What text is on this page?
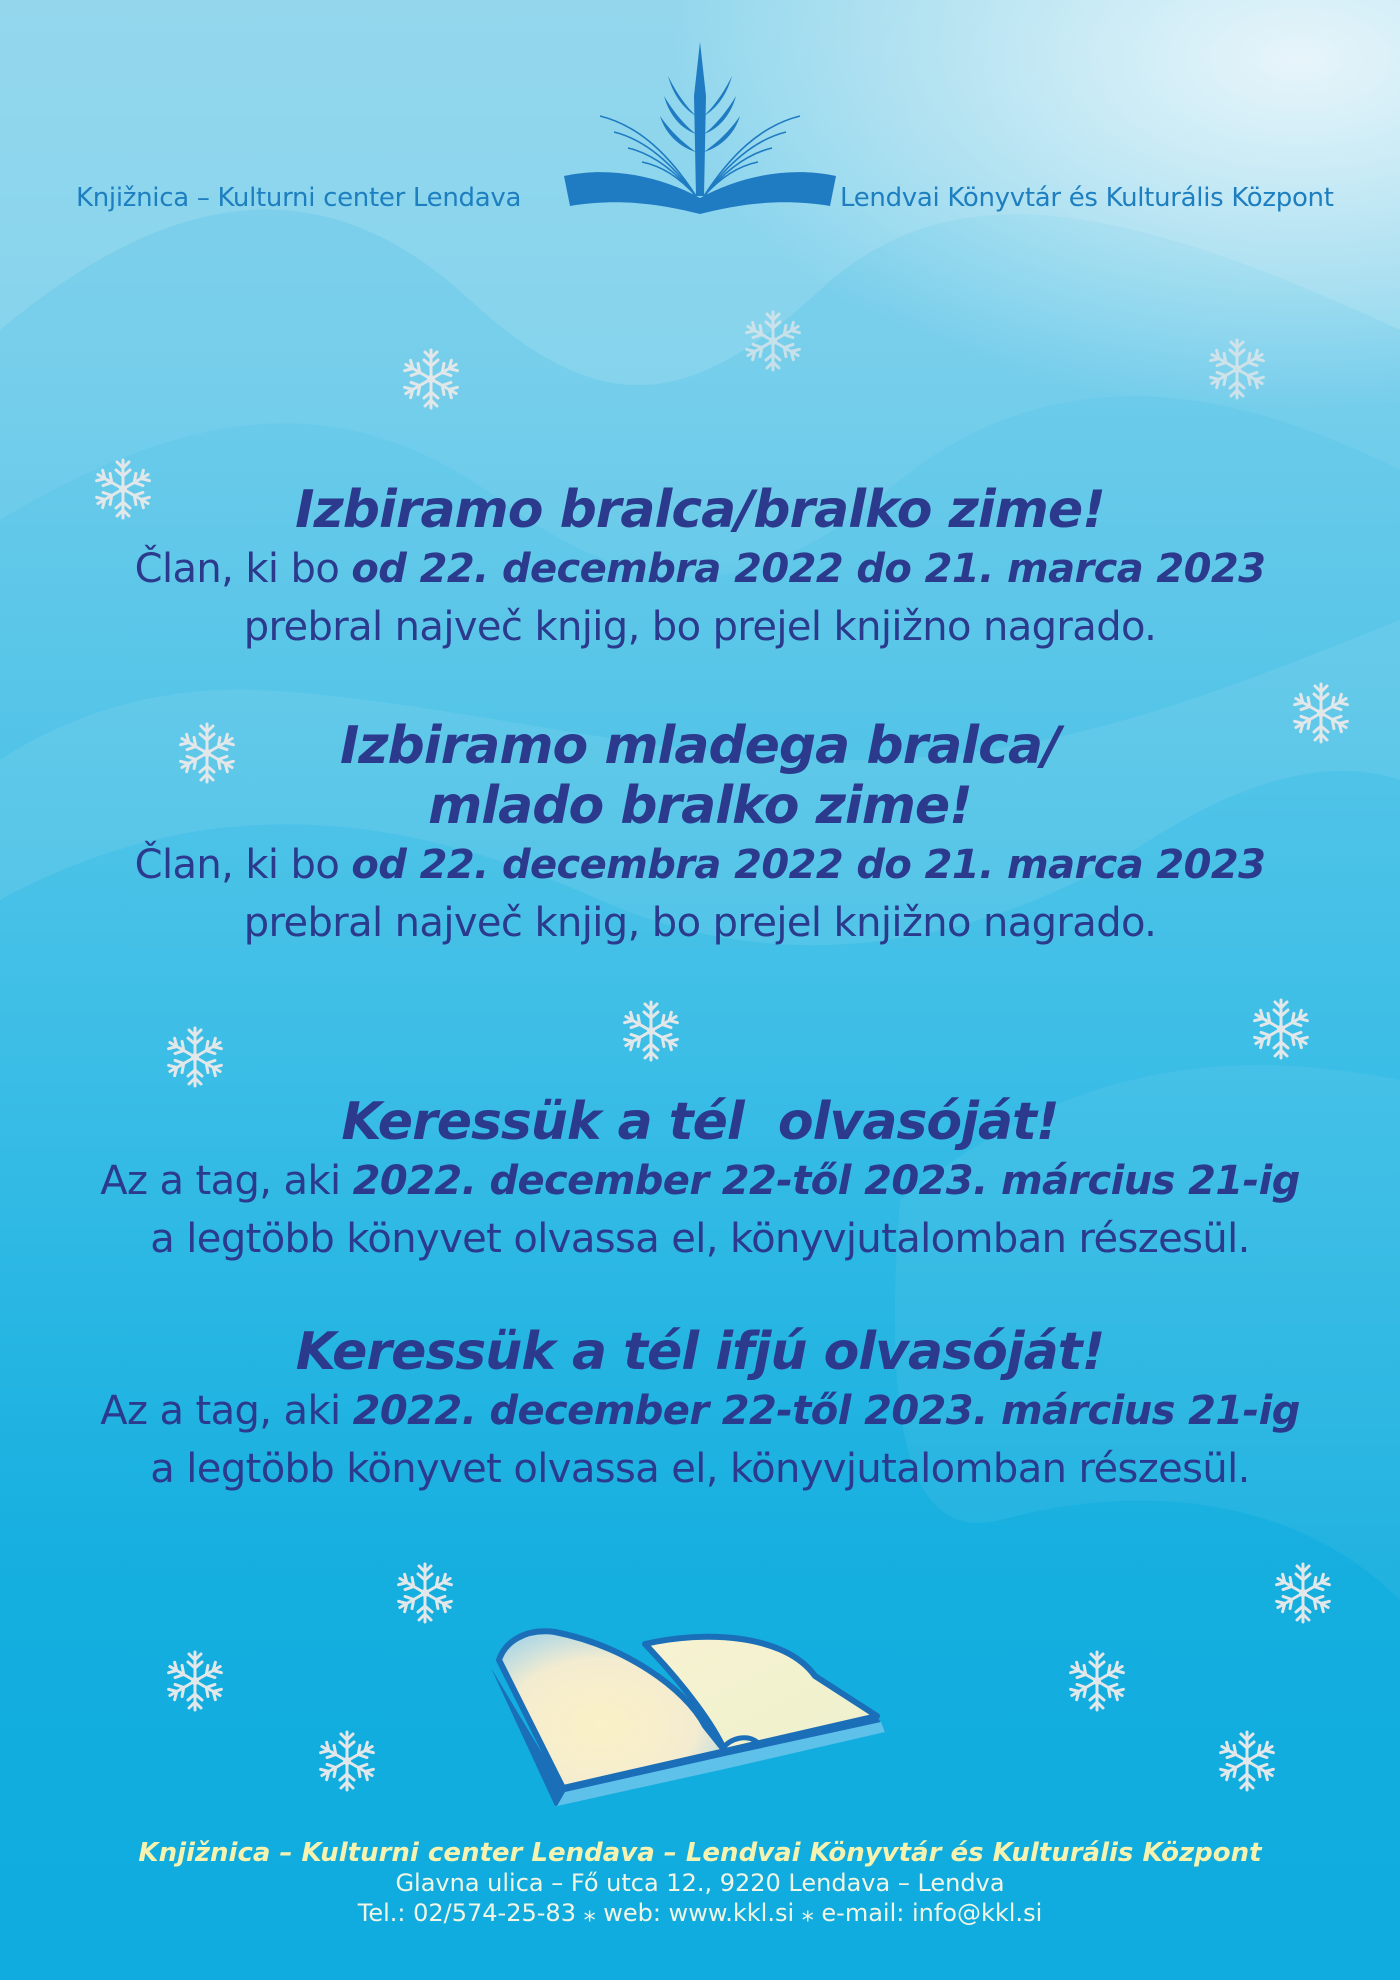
Knjižnica – Kulturni center Lendava	Lendvai Könyvtár és Kulturális Központ
Izbiramo bralca/bralko zime!
Član, ki bo od 22. decembra 2022 do 21. marca 2023
prebral največ knjig, bo prejel knjižno nagrado.
Izbiramo mladega bralca/
mlado bralko zime!
Član, ki bo od 22. decembra 2022 do 21. marca 2023
prebral največ knjig, bo prejel knjižno nagrado.
Keressük a tél  olvasóját!
Az a tag, aki 2022. december 22-től 2023. március 21-ig
a legtöbb könyvet olvassa el, könyvjutalomban részesül.
Keressük a tél ifjú olvasóját!
Az a tag, aki 2022. december 22-től 2023. március 21-ig
a legtöbb könyvet olvassa el, könyvjutalomban részesül.
Knjižnica – Kulturni center Lendava – Lendvai Könyvtár és Kulturális Központ
Glavna ulica – Fő utca 12., 9220 Lendava – Lendva
Tel.: 02/574-25-83 ⁎ web: www.kkl.si ⁎ e-mail: info@kkl.si
